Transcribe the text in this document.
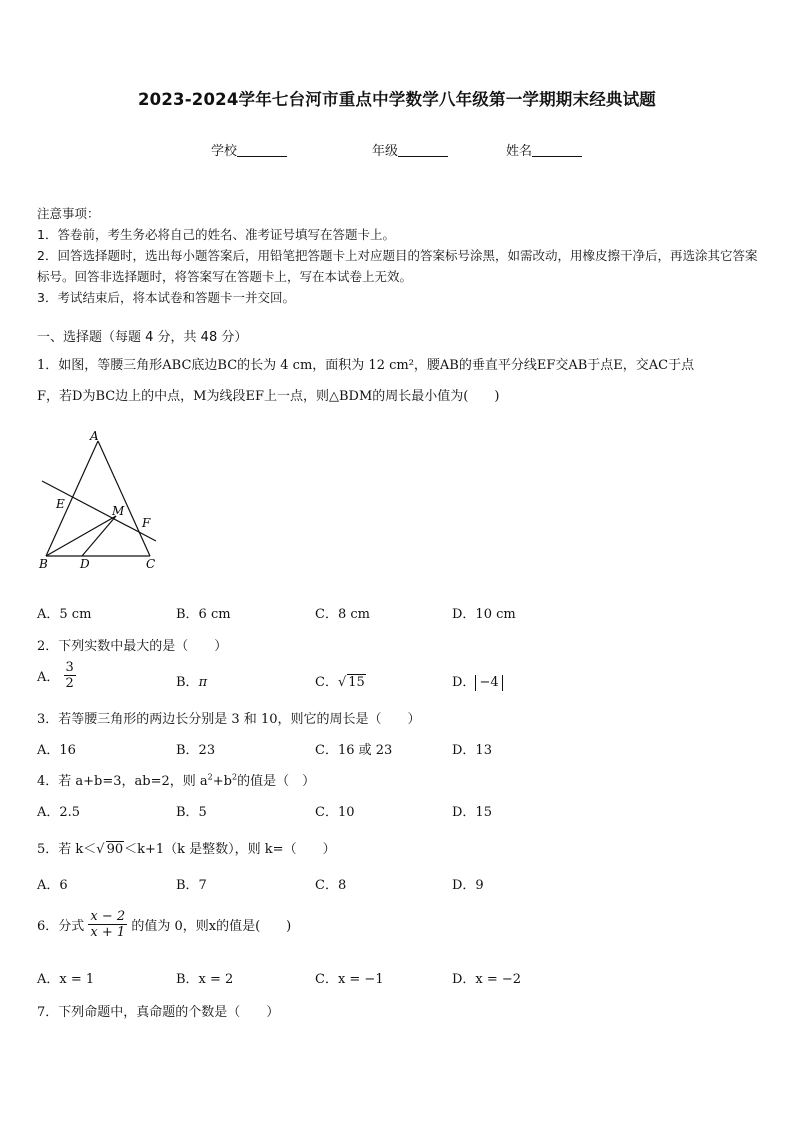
2023-2024学年七台河市重点中学数学八年级第一学期期末经典试题
学校	年级	姓名
注意事项：
1．答卷前，考生务必将自己的姓名、准考证号填写在答题卡上。
2．回答选择题时，选出每小题答案后，用铅笔把答题卡上对应题目的答案标号涂黑，如需改动，用橡皮擦干净后，再选涂其它答案标号。回答非选择题时，将答案写在答题卡上，写在本试卷上无效。
3．考试结束后，将本试卷和答题卡一并交回。
一、选择题（每题 4 分，共 48 分）
1．如图，等腰三角形ABC底边BC的长为 4 cm，面积为 12 cm²，腰AB的垂直平分线EF交AB于点E，交AC于点
F，若D为BC边上的中点，M为线段EF上一点，则△BDM的周长最小值为(　　)
A
B	C
D
E
F
M
A．5 cm	B．6 cm	C．8 cm	D．10 cm
2．下列实数中最大的是（　　）
A． $\frac{3}{2}$	B．π	C．√ 15	D． −4
3．若等腰三角形的两边长分别是 3 和 10，则它的周长是（　　）
A．16	B．23	C．16 或 23	D．13
4．若 a+b=3，ab=2，则 $a^2+b^2$的值是（　）
A．2.5	B．5	C．10	D．15
5．若 k＜√ 90＜k+1（k 是整数），则 k=（　　）
A．6	B．7	C．8	D．9
6．分式 $\frac{x - 2}{x + 1}$ 的值为 0，则x的值是(　　)
A．x = 1	B．x = 2	C．x = −1	D．x = −2
7．下列命题中，真命题的个数是（　　）
